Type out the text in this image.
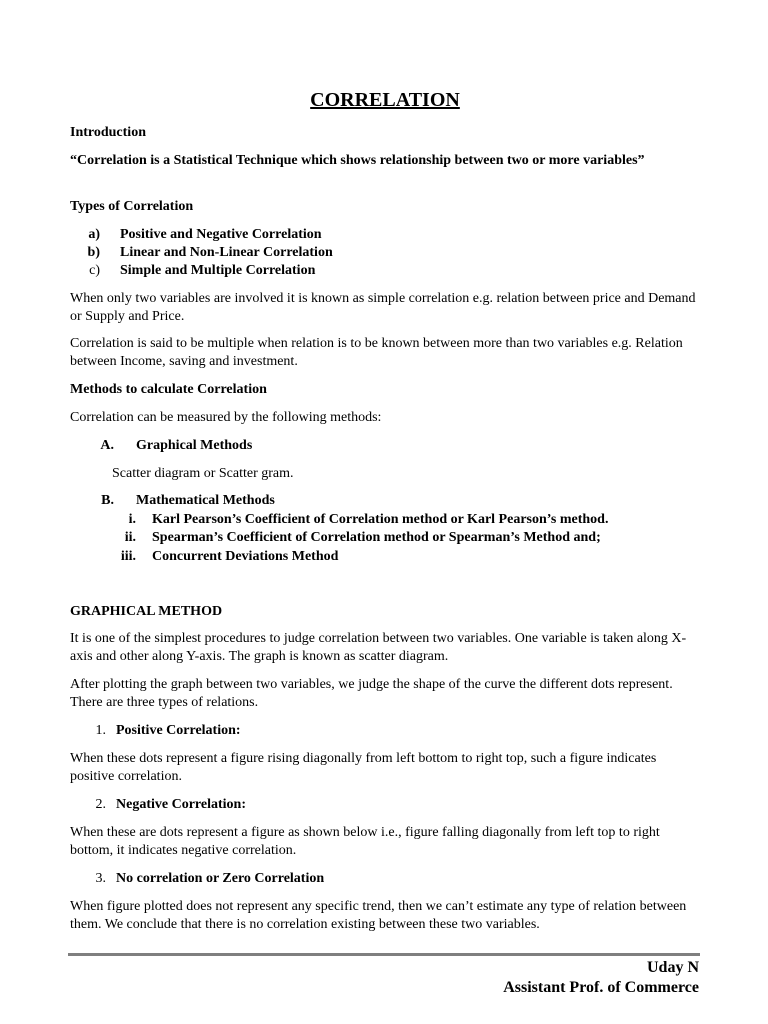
CORRELATION

Introduction

“Correlation is a Statistical Technique which shows relationship between two or more variables”

Types of Correlation

a) Positive and Negative Correlation
b) Linear and Non-Linear Correlation
c) Simple and Multiple Correlation

When only two variables are involved it is known as simple correlation e.g. relation between price and Demand or Supply and Price.

Correlation is said to be multiple when relation is to be known between more than two variables e.g. Relation between Income, saving and investment.

Methods to calculate Correlation

Correlation can be measured by the following methods:

A. Graphical Methods

Scatter diagram or Scatter gram.

B. Mathematical Methods
i. Karl Pearson’s Coefficient of Correlation method or Karl Pearson’s method.
ii. Spearman’s Coefficient of Correlation method or Spearman’s Method and;
iii. Concurrent Deviations Method

GRAPHICAL METHOD

It is one of the simplest procedures to judge correlation between two variables. One variable is taken along X-axis and other along Y-axis. The graph is known as scatter diagram.

After plotting the graph between two variables, we judge the shape of the curve the different dots represent. There are three types of relations.

1. Positive Correlation:

When these dots represent a figure rising diagonally from left bottom to right top, such a figure indicates positive correlation.

2. Negative Correlation:

When these are dots represent a figure as shown below i.e., figure falling diagonally from left top to right bottom, it indicates negative correlation.

3. No correlation or Zero Correlation

When figure plotted does not represent any specific trend, then we can’t estimate any type of relation between them. We conclude that there is no correlation existing between these two variables.

Uday N

Assistant Prof. of Commerce
